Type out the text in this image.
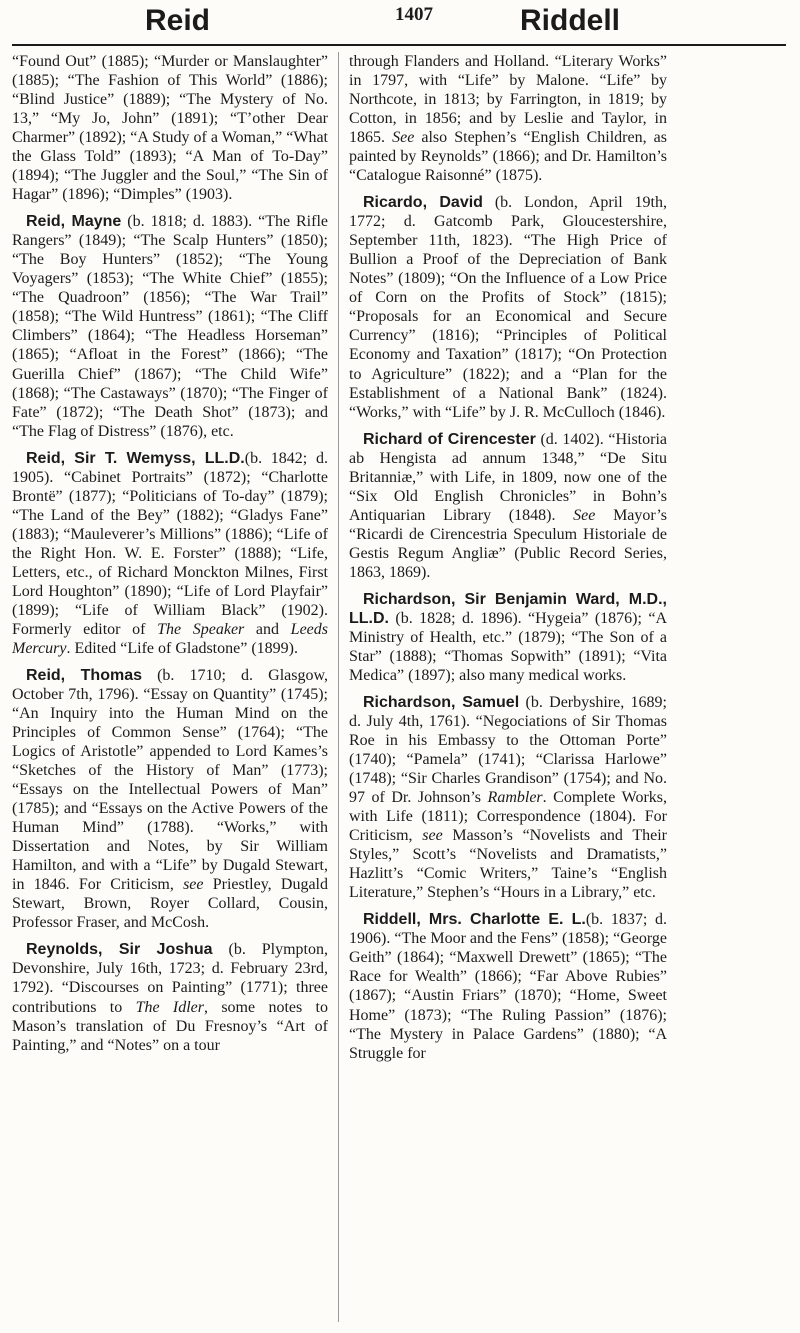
Reid	1407	Riddell

“Found Out” (1885); “Murder or Manslaughter” (1885); “The Fashion of This World” (1886); “Blind Justice” (1889); “The Mystery of No. 13,” “My Jo, John” (1891); “T’other Dear Charmer” (1892); “A Study of a Woman,” “What the Glass Told” (1893); “A Man of To-Day” (1894); “The Juggler and the Soul,” “The Sin of Hagar” (1896); “Dimples” (1903).

Reid, Mayne (b. 1818; d. 1883). “The Rifle Rangers” (1849); “The Scalp Hunters” (1850); “The Boy Hunters” (1852); “The Young Voyagers” (1853); “The White Chief” (1855); “The Quadroon” (1856); “The War Trail” (1858); “The Wild Huntress” (1861); “The Cliff Climbers” (1864); “The Headless Horseman” (1865); “Afloat in the Forest” (1866); “The Guerilla Chief” (1867); “The Child Wife” (1868); “The Castaways” (1870); “The Finger of Fate” (1872); “The Death Shot” (1873); and “The Flag of Distress” (1876), etc.

Reid, Sir T. Wemyss, LL.D.(b. 1842; d. 1905). “Cabinet Portraits” (1872); “Charlotte Brontë” (1877); “Politicians of To-day” (1879); “The Land of the Bey” (1882); “Gladys Fane” (1883); “Mauleverer’s Millions” (1886); “Life of the Right Hon. W. E. Forster” (1888); “Life, Letters, etc., of Richard Monckton Milnes, First Lord Houghton” (1890); “Life of Lord Playfair” (1899); “Life of William Black” (1902). Formerly editor of The Speaker and Leeds Mercury. Edited “Life of Gladstone” (1899).

Reid, Thomas (b. 1710; d. Glasgow, October 7th, 1796). “Essay on Quantity” (1745); “An Inquiry into the Human Mind on the Principles of Common Sense” (1764); “The Logics of Aristotle” appended to Lord Kames’s “Sketches of the History of Man” (1773); “Essays on the Intellectual Powers of Man” (1785); and “Essays on the Active Powers of the Human Mind” (1788). “Works,” with Dissertation and Notes, by Sir William Hamilton, and with a “Life” by Dugald Stewart, in 1846. For Criticism, see Priestley, Dugald Stewart, Brown, Royer Collard, Cousin, Professor Fraser, and McCosh.

Reynolds, Sir Joshua (b. Plympton, Devonshire, July 16th, 1723; d. February 23rd, 1792). “Discourses on Painting” (1771); three contributions to The Idler, some notes to Mason’s translation of Du Fresnoy’s “Art of Painting,” and “Notes” on a tour

through Flanders and Holland. “Literary Works” in 1797, with “Life” by Malone. “Life” by Northcote, in 1813; by Farrington, in 1819; by Cotton, in 1856; and by Leslie and Taylor, in 1865. See also Stephen’s “English Children, as painted by Reynolds” (1866); and Dr. Hamilton’s “Catalogue Raisonné” (1875).

Ricardo, David (b. London, April 19th, 1772; d. Gatcomb Park, Gloucestershire, September 11th, 1823). “The High Price of Bullion a Proof of the Depreciation of Bank Notes” (1809); “On the Influence of a Low Price of Corn on the Profits of Stock” (1815); “Proposals for an Economical and Secure Currency” (1816); “Principles of Political Economy and Taxation” (1817); “On Protection to Agriculture” (1822); and a “Plan for the Establishment of a National Bank” (1824). “Works,” with “Life” by J. R. McCulloch (1846).

Richard of Cirencester (d. 1402). “Historia ab Hengista ad annum 1348,” “De Situ Britanniæ,” with Life, in 1809, now one of the “Six Old English Chronicles” in Bohn’s Antiquarian Library (1848). See Mayor’s “Ricardi de Cirencestria Speculum Historiale de Gestis Regum Angliæ” (Public Record Series, 1863, 1869).

Richardson, Sir Benjamin Ward, M.D., LL.D. (b. 1828; d. 1896). “Hygeia” (1876); “A Ministry of Health, etc.” (1879); “The Son of a Star” (1888); “Thomas Sopwith” (1891); “Vita Medica” (1897); also many medical works.

Richardson, Samuel (b. Derbyshire, 1689; d. July 4th, 1761). “Negociations of Sir Thomas Roe in his Embassy to the Ottoman Porte” (1740); “Pamela” (1741); “Clarissa Harlowe” (1748); “Sir Charles Grandison” (1754); and No. 97 of Dr. Johnson’s Rambler. Complete Works, with Life (1811); Correspondence (1804). For Criticism, see Masson’s “Novelists and Their Styles,” Scott’s “Novelists and Dramatists,” Hazlitt’s “Comic Writers,” Taine’s “English Literature,” Stephen’s “Hours in a Library,” etc.

Riddell, Mrs. Charlotte E. L.(b. 1837; d. 1906). “The Moor and the Fens” (1858); “George Geith” (1864); “Maxwell Drewett” (1865); “The Race for Wealth” (1866); “Far Above Rubies” (1867); “Austin Friars” (1870); “Home, Sweet Home” (1873); “The Ruling Passion” (1876); “The Mystery in Palace Gardens” (1880); “A Struggle for
